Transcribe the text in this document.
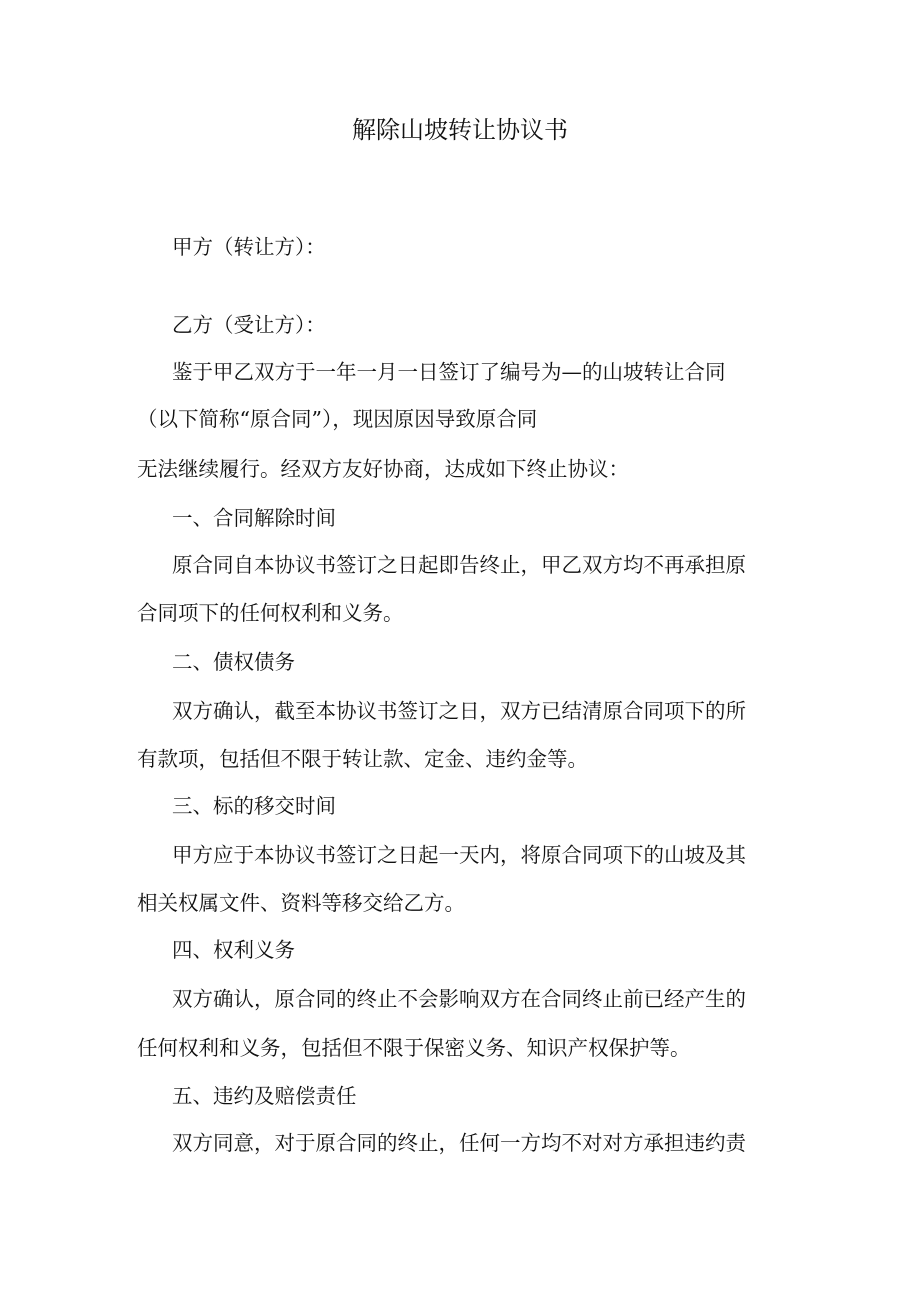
解除山坡转让协议书
甲方（转让方）：
乙方（受让方）：
鉴于甲乙双方于一年一月一日签订了编号为—的山坡转让合同
（以下简称“原合同”），现因原因导致原合同
无法继续履行。经双方友好协商，达成如下终止协议：
一、合同解除时间
原合同自本协议书签订之日起即告终止，甲乙双方均不再承担原
合同项下的任何权利和义务。
二、债权债务
双方确认，截至本协议书签订之日，双方已结清原合同项下的所
有款项，包括但不限于转让款、定金、违约金等。
三、标的移交时间
甲方应于本协议书签订之日起一天内，将原合同项下的山坡及其
相关权属文件、资料等移交给乙方。
四、权利义务
双方确认，原合同的终止不会影响双方在合同终止前已经产生的
任何权利和义务，包括但不限于保密义务、知识产权保护等。
五、违约及赔偿责任
双方同意，对于原合同的终止，任何一方均不对对方承担违约责
